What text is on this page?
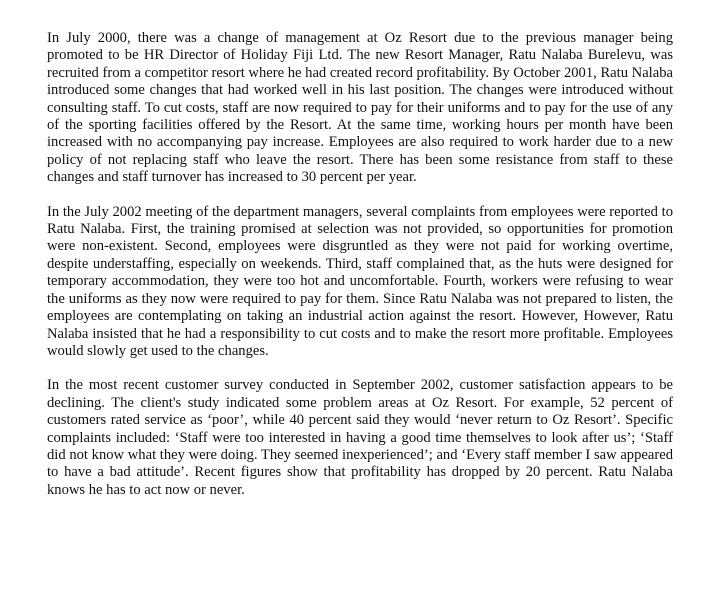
In July 2000, there was a change of management at Oz Resort due to the previous manager being promoted to be HR Director of Holiday Fiji Ltd. The new Resort Manager, Ratu Nalaba Burelevu, was recruited from a competitor resort where he had created record profitability. By October 2001, Ratu Nalaba introduced some changes that had worked well in his last position. The changes were introduced without consulting staff. To cut costs, staff are now required to pay for their uniforms and to pay for the use of any of the sporting facilities offered by the Resort. At the same time, working hours per month have been increased with no accompanying pay increase. Employees are also required to work harder due to a new policy of not replacing staff who leave the resort. There has been some resistance from staff to these changes and staff turnover has increased to 30 percent per year.

In the July 2002 meeting of the department managers, several complaints from employees were reported to Ratu Nalaba. First, the training promised at selection was not provided, so opportunities for promotion were non-existent. Second, employees were disgruntled as they were not paid for working overtime, despite understaffing, especially on weekends. Third, staff complained that, as the huts were designed for temporary accommodation, they were too hot and uncomfortable. Fourth, workers were refusing to wear the uniforms as they now were required to pay for them. Since Ratu Nalaba was not prepared to listen, the employees are contemplating on taking an industrial action against the resort. However, However, Ratu Nalaba insisted that he had a responsibility to cut costs and to make the resort more profitable. Employees would slowly get used to the changes.

In the most recent customer survey conducted in September 2002, customer satisfaction appears to be declining. The client's study indicated some problem areas at Oz Resort. For example, 52 percent of customers rated service as ‘poor’, while 40 percent said they would ‘never return to Oz Resort’. Specific complaints included: ‘Staff were too interested in having a good time themselves to look after us’; ‘Staff did not know what they were doing. They seemed inexperienced’; and ‘Every staff member I saw appeared to have a bad attitude’. Recent figures show that profitability has dropped by 20 percent. Ratu Nalaba knows he has to act now or never.
